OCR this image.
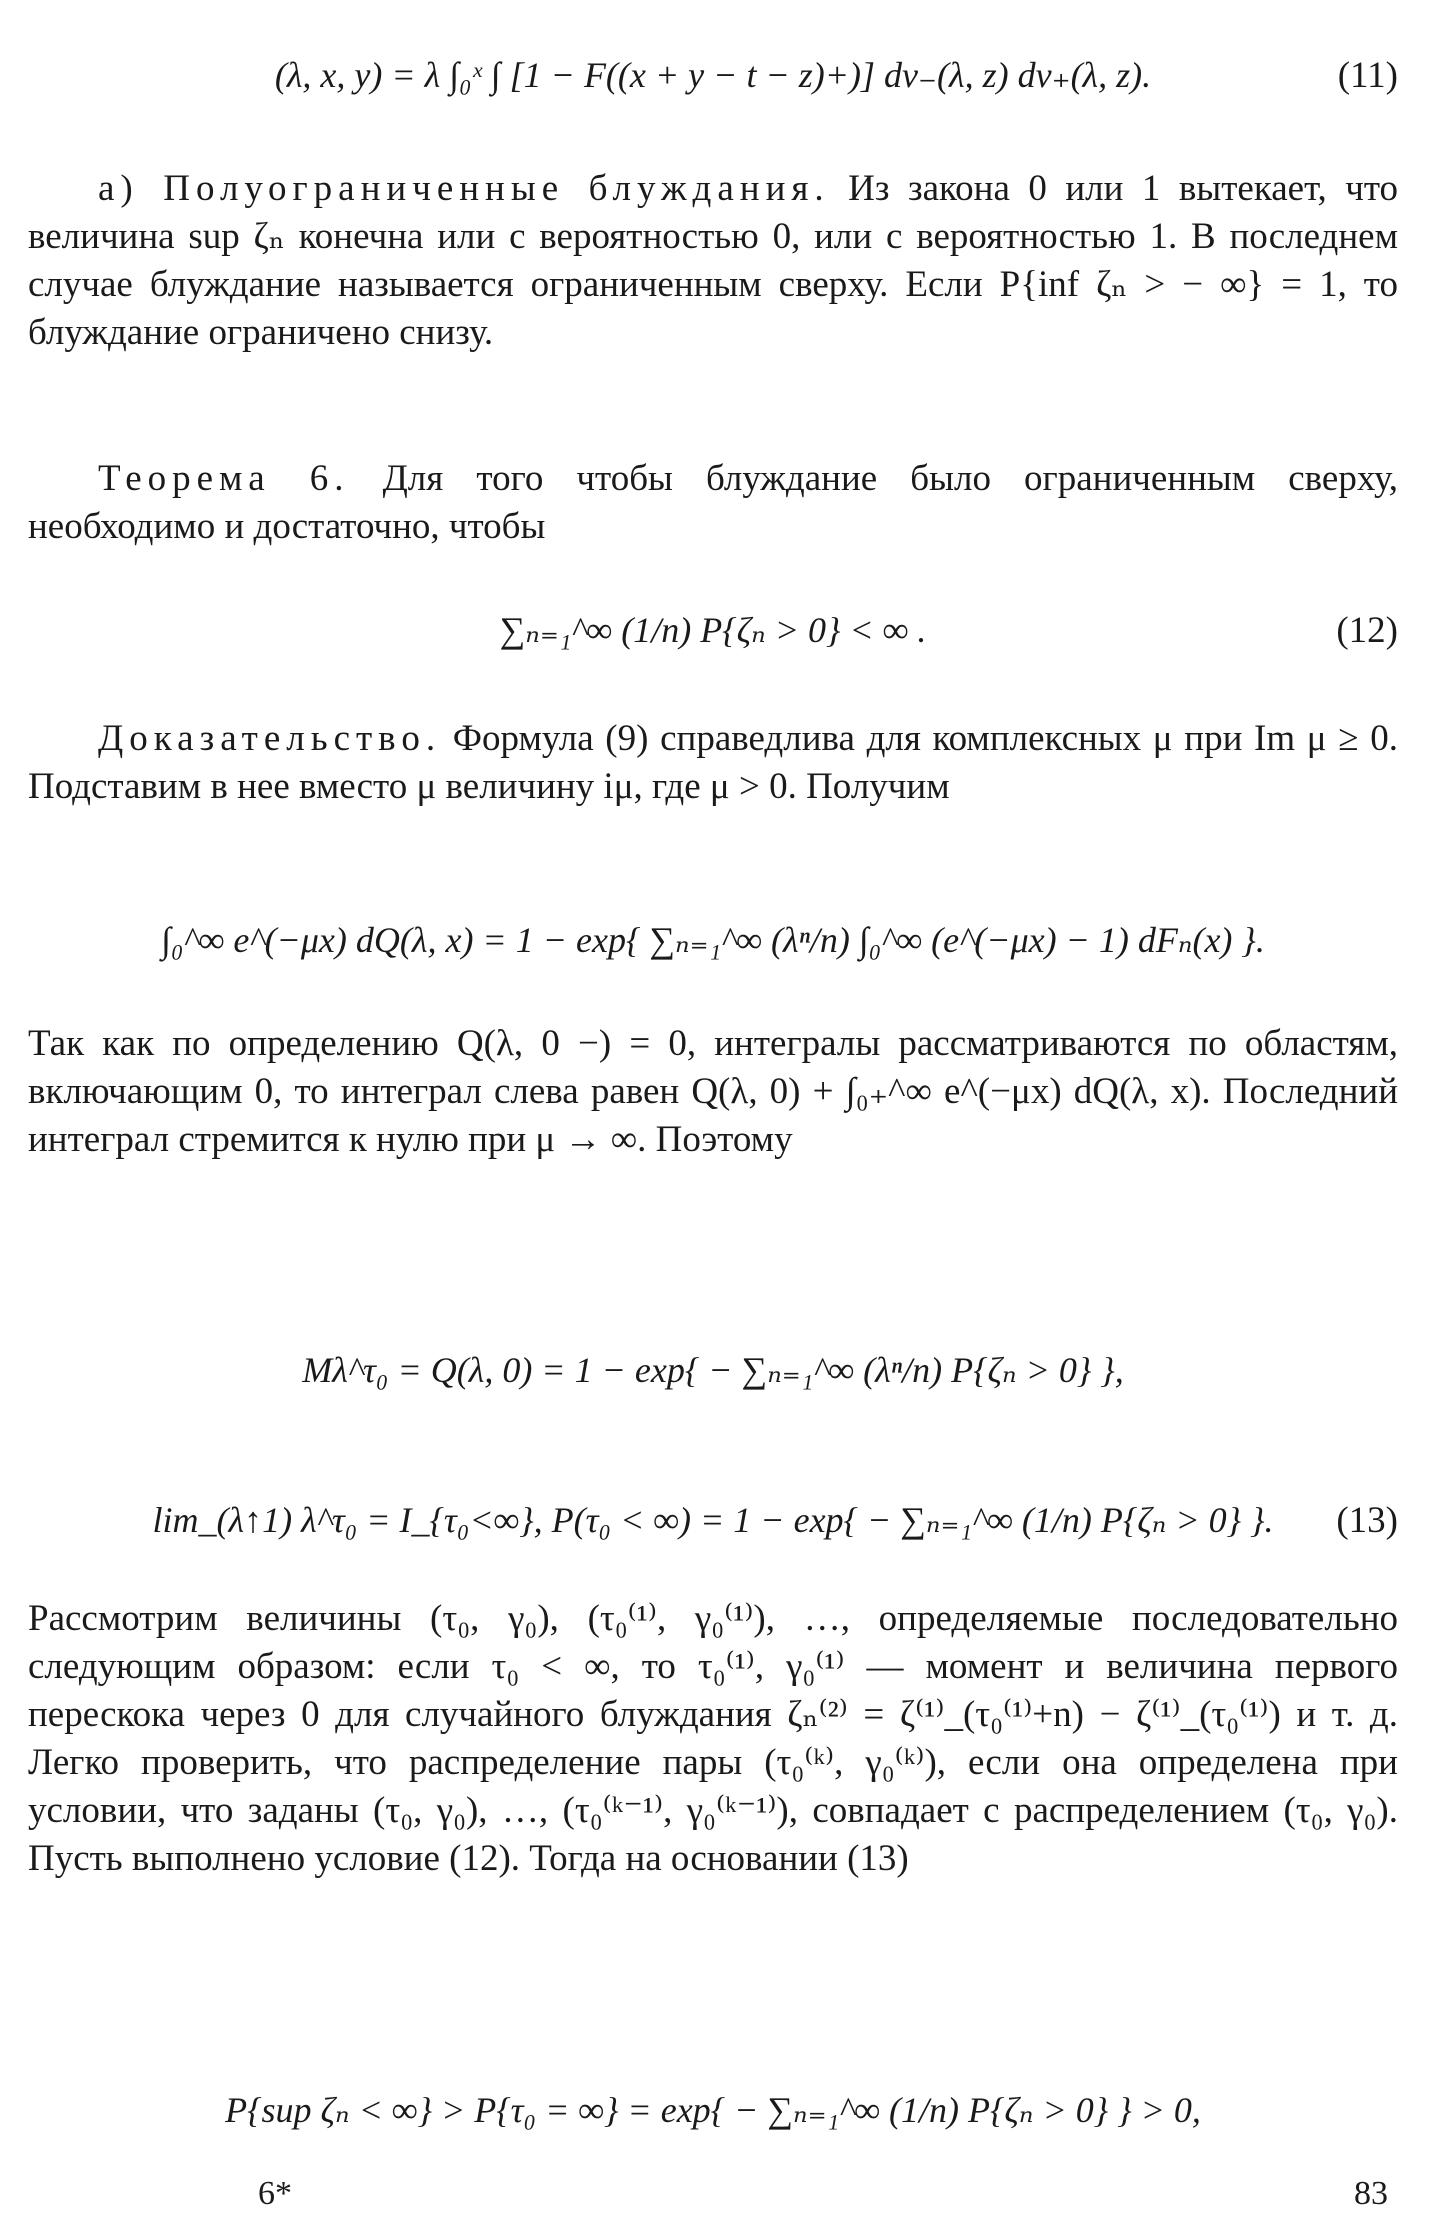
(λ, x, y) = λ ∫₀ˣ ∫ [1 − F((x + y − t − z)+)] dv₋(λ, z) dv₊(λ, z).	(11)
а) Полуограниченные блуждания. Из закона 0 или 1 вытекает, что величина sup ζₙ конечна или с вероятностью 0, или с вероятностью 1. В последнем случае блуждание называется ограниченным сверху. Если P{inf ζₙ > − ∞} = 1, то блуждание ограничено снизу.
Теорема 6. Для того чтобы блуждание было ограниченным сверху, необходимо и достаточно, чтобы
∑ₙ₌₁^∞ (1/n) P{ζₙ > 0} < ∞ .	(12)
Доказательство. Формула (9) справедлива для комплексных μ при Im μ ≥ 0. Подставим в нее вместо μ величину iμ, где μ > 0. Получим
∫₀^∞ e^(−μx) dQ(λ, x) = 1 − exp{ ∑ₙ₌₁^∞ (λⁿ/n) ∫₀^∞ (e^(−μx) − 1) dFₙ(x) }.
Так как по определению Q(λ, 0 −) = 0, интегралы рассматриваются по областям, включающим 0, то интеграл слева равен Q(λ, 0) + ∫₀₊^∞ e^(−μx) dQ(λ, x). Последний интеграл стремится к нулю при μ → ∞. Поэтому
Mλ^τ₀ = Q(λ, 0) = 1 − exp{ − ∑ₙ₌₁^∞ (λⁿ/n) P{ζₙ > 0} },
lim_(λ↑1) λ^τ₀ = I_{τ₀<∞}, P(τ₀ < ∞) = 1 − exp{ − ∑ₙ₌₁^∞ (1/n) P{ζₙ > 0} }. (13)
Рассмотрим величины (τ₀, γ₀), (τ₀⁽¹⁾, γ₀⁽¹⁾), …, определяемые последовательно следующим образом: если τ₀ < ∞, то τ₀⁽¹⁾, γ₀⁽¹⁾ — момент и величина первого перескока через 0 для случайного блуждания ζₙ⁽²⁾ = ζ⁽¹⁾_(τ₀⁽¹⁾+n) − ζ⁽¹⁾_(τ₀⁽¹⁾) и т. д. Легко проверить, что распределение пары (τ₀⁽ᵏ⁾, γ₀⁽ᵏ⁾), если она определена при условии, что заданы (τ₀, γ₀), …, (τ₀⁽ᵏ⁻¹⁾, γ₀⁽ᵏ⁻¹⁾), совпадает с распределением (τ₀, γ₀). Пусть выполнено условие (12). Тогда на основании (13)
P{sup ζₙ < ∞} > P{τ₀ = ∞} = exp{ − ∑ₙ₌₁^∞ (1/n) P{ζₙ > 0} } > 0,
6*	83
